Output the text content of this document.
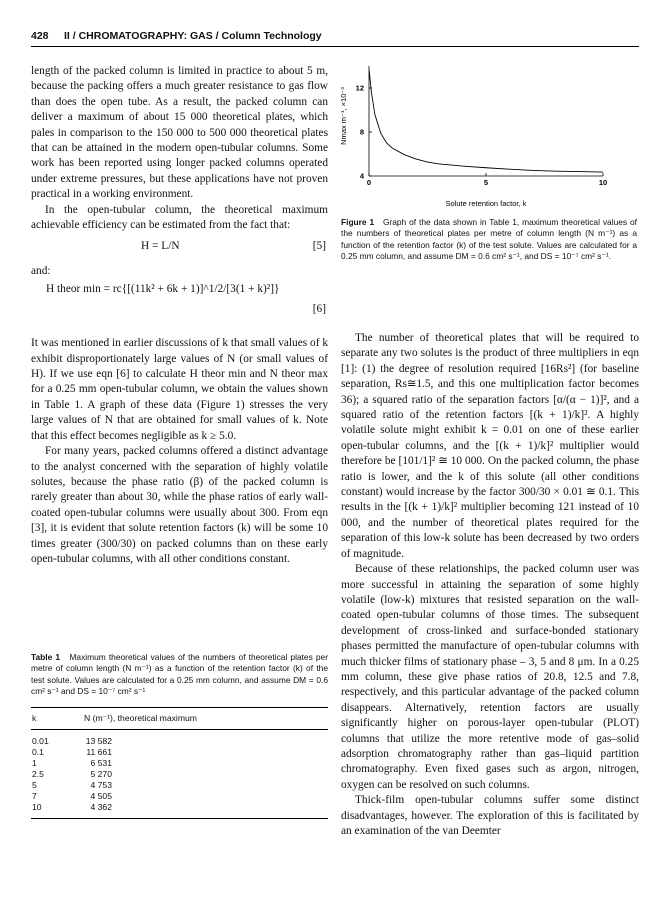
428 II / CHROMATOGRAPHY: GAS / Column Technology

length of the packed column is limited in practice to about 5 m, because the packing offers a much greater resistance to gas flow than does the open tube. As a result, the packed column can deliver a maximum of about 15 000 theoretical plates, which pales in comparison to the 150 000 to 500 000 theoretical plates that can be attained in the modern open-tubular columns. Some work has been reported using longer packed columns operated under extreme pressures, but these applications have not proven practical in a working environment.

In the open-tubular column, the theoretical maximum achievable efficiency can be estimated from the fact that:

H = L/N	[5]

and:

H theor min = rc{[(11k² + 6k + 1)]^1/2/[3(1 + k)²]}
[6]

It was mentioned in earlier discussions of k that small values of k exhibit disproportionately large values of N (or small values of H). If we use eqn [6] to calculate H theor min and N theor max for a 0.25 mm open-tubular column, we obtain the values shown in Table 1. A graph of these data (Figure 1) stresses the very large values of N that are obtained for small values of k. Note that this effect becomes negligible as k ≥ 5.0.

For many years, packed columns offered a distinct advantage to the analyst concerned with the separation of highly volatile solutes, because the phase ratio (β) of the packed column is rarely greater than about 30, while the phase ratios of early wall-coated open-tubular columns were usually about 300. From eqn [3], it is evident that solute retention factors (k) will be some 10 times greater (300/30) on packed columns than on these early open-tubular columns, with all other conditions constant.

Table 1 Maximum theoretical values of the numbers of theoretical plates per metre of column length (N m⁻¹) as a function of the retention factor (k) of the test solute. Values are calculated for a 0.25 mm column, and assume DM = 0.6 cm² s⁻¹ and DS = 10⁻⁷ cm² s⁻¹
k	N (m⁻¹), theoretical maximum
0.01	13 582
0.1	11 661
1	6 531
2.5	5 270
5	4 753
7	4 505
10	4 362
0	5	10
4
8
12
Solute retention factor, k
Nmax m⁻¹, ×10⁻³
Figure 1 Graph of the data shown in Table 1, maximum theoretical values of the numbers of theoretical plates per metre of column length (N m⁻¹) as a function of the retention factor (k) of the test solute. Values are calculated for a 0.25 mm column, and assume DM = 0.6 cm² s⁻¹, and DS = 10⁻⁷ cm² s⁻¹.

The number of theoretical plates that will be required to separate any two solutes is the product of three multipliers in eqn [1]: (1) the degree of resolution required [16Rs²] (for baseline separation, Rs≅1.5, and this one multiplication factor becomes 36); a squared ratio of the separation factors [α/(α − 1)]², and a squared ratio of the retention factors [(k + 1)/k]². A highly volatile solute might exhibit k = 0.01 on one of these earlier open-tubular columns, and the [(k + 1)/k]² multiplier would therefore be [101/1]² ≅ 10 000. On the packed column, the phase ratio is lower, and the k of this solute (all other conditions constant) would increase by the factor 300/30 × 0.01 ≅ 0.1. This results in the [(k + 1)/k]² multiplier becoming 121 instead of 10 000, and the number of theoretical plates required for the separation of this low-k solute has been decreased by two orders of magnitude.

Because of these relationships, the packed column user was more successful in attaining the separation of some highly volatile (low-k) mixtures that resisted separation on the wall-coated open-tubular columns of those times. The subsequent development of cross-linked and surface-bonded stationary phases permitted the manufacture of open-tubular columns with much thicker films of stationary phase – 3, 5 and 8 μm. In a 0.25 mm column, these give phase ratios of 20.8, 12.5 and 7.8, respectively, and this particular advantage of the packed column disappears. Alternatively, retention factors are usually significantly higher on porous-layer open-tubular (PLOT) columns that utilize the more retentive mode of gas–solid adsorption chromatography rather than gas–liquid partition chromatography. Even fixed gases such as argon, nitrogen, oxygen can be resolved on such columns.

Thick-film open-tubular columns suffer some distinct disadvantages, however. The exploration of this is facilitated by an examination of the van Deemter
